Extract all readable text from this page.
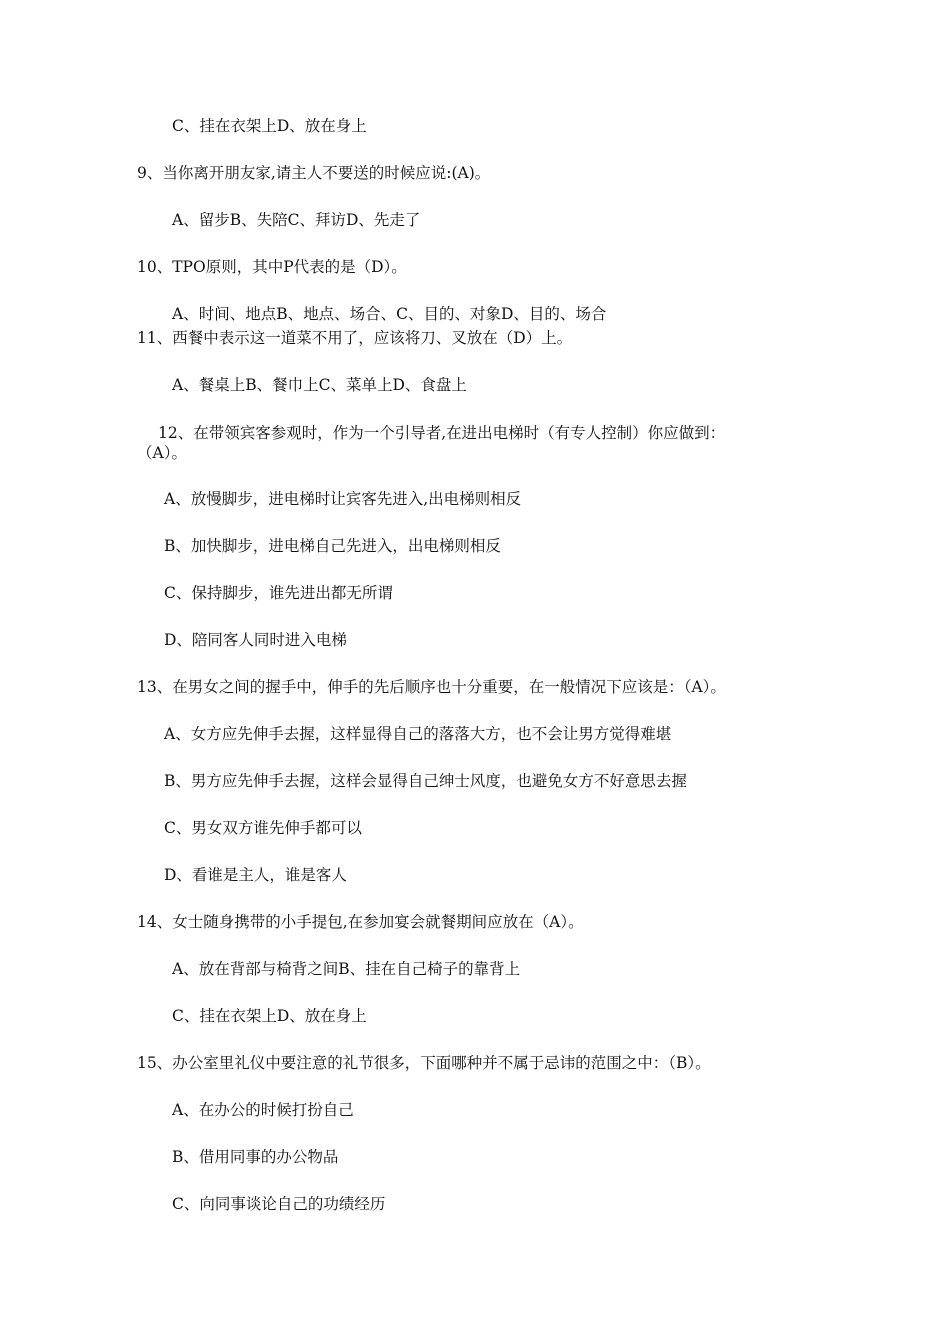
C、挂在衣架上D、放在身上
9、当你离开朋友家,请主人不要送的时候应说:(A)。
A、留步B、失陪C、拜访D、先走了
10、TPO原则，其中P代表的是（D）。
A、时间、地点B、地点、场合、C、目的、对象D、目的、场合
11、西餐中表示这一道菜不用了，应该将刀、叉放在（D）上。
A、餐桌上B、餐巾上C、菜单上D、食盘上
12、在带领宾客参观时，作为一个引导者,在进出电梯时（有专人控制）你应做到：
（A）。
A、放慢脚步，进电梯时让宾客先进入,出电梯则相反
B、加快脚步，进电梯自己先进入，出电梯则相反
C、保持脚步，谁先进出都无所谓
D、陪同客人同时进入电梯
13、在男女之间的握手中，伸手的先后顺序也十分重要，在一般情况下应该是：（A）。
A、女方应先伸手去握，这样显得自己的落落大方，也不会让男方觉得难堪
B、男方应先伸手去握，这样会显得自己绅士风度，也避免女方不好意思去握
C、男女双方谁先伸手都可以
D、看谁是主人，谁是客人
14、女士随身携带的小手提包,在参加宴会就餐期间应放在（A）。
A、放在背部与椅背之间B、挂在自己椅子的靠背上
C、挂在衣架上D、放在身上
15、办公室里礼仪中要注意的礼节很多，下面哪种并不属于忌讳的范围之中：（B）。
A、在办公的时候打扮自己
B、借用同事的办公物品
C、向同事谈论自己的功绩经历
